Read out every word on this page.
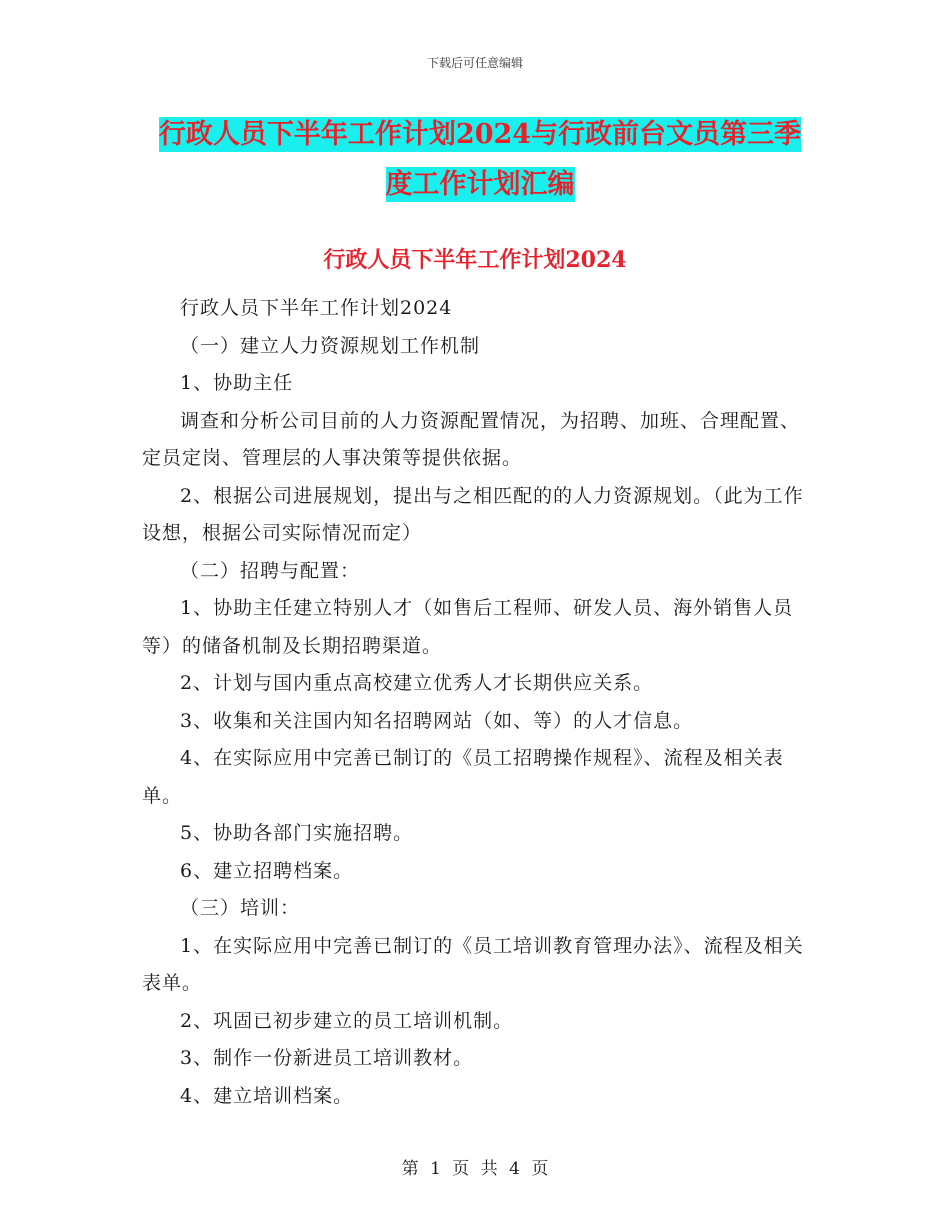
下载后可任意编辑
行政人员下半年工作计划2024与行政前台文员第三季
度工作计划汇编
行政人员下半年工作计划2024

行政人员下半年工作计划2024

（一）建立人力资源规划工作机制

1、协助主任

调查和分析公司目前的人力资源配置情况，为招聘、加班、合理配置、定员定岗、管理层的人事决策等提供依据。

2、根据公司进展规划，提出与之相匹配的的人力资源规划。（此为工作设想，根据公司实际情况而定）

（二）招聘与配置：

1、协助主任建立特别人才（如售后工程师、研发人员、海外销售人员等）的储备机制及长期招聘渠道。

2、计划与国内重点高校建立优秀人才长期供应关系。

3、收集和关注国内知名招聘网站（如、等）的人才信息。

4、在实际应用中完善已制订的《员工招聘操作规程》、流程及相关表单。

5、协助各部门实施招聘。

6、建立招聘档案。

（三）培训：

1、在实际应用中完善已制订的《员工培训教育管理办法》、流程及相关表单。

2、巩固已初步建立的员工培训机制。

3、制作一份新进员工培训教材。

4、建立培训档案。

第 1 页 共 4 页
